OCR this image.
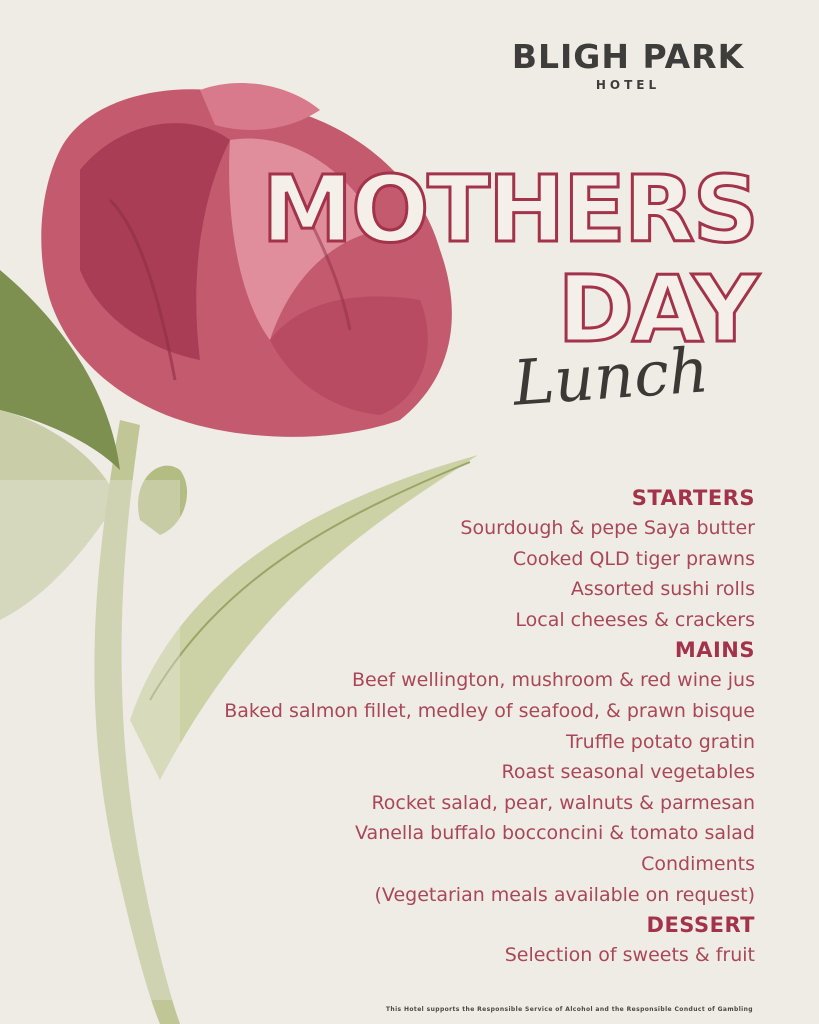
BLIGH PARK
HOTEL
MOTHERS
DAY
Lunch
STARTERS
Sourdough & pepe Saya butter
Cooked QLD tiger prawns
Assorted sushi rolls
Local cheeses & crackers
MAINS
Beef wellington, mushroom & red wine jus
Baked salmon fillet, medley of seafood, & prawn bisque
Truffle potato gratin
Roast seasonal vegetables
Rocket salad, pear, walnuts & parmesan
Vanella buffalo bocconcini & tomato salad
Condiments
(Vegetarian meals available on request)
DESSERT
Selection of sweets & fruit
This Hotel supports the Responsible Service of Alcohol and the Responsible Conduct of Gambling
